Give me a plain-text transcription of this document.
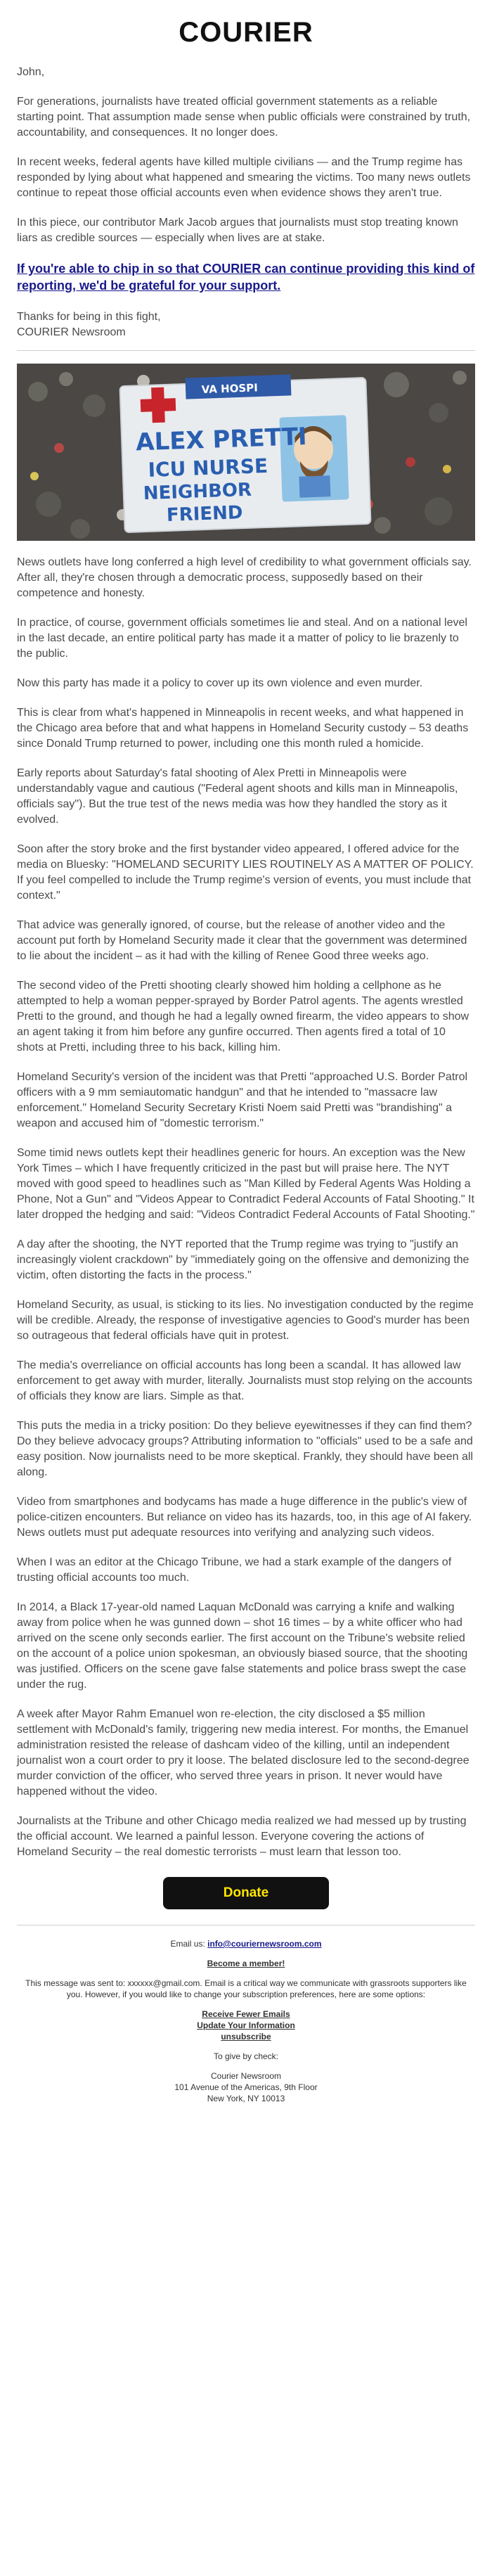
COURIER

John,

For generations, journalists have treated official government statements as a reliable starting point. That assumption made sense when public officials were constrained by truth, accountability, and consequences. It no longer does.

In recent weeks, federal agents have killed multiple civilians — and the Trump regime has responded by lying about what happened and smearing the victims. Too many news outlets continue to repeat those official accounts even when evidence shows they aren't true.

In this piece, our contributor Mark Jacob argues that journalists must stop treating known liars as credible sources — especially when lives are at stake.

If you're able to chip in so that COURIER can continue providing this kind of reporting, we'd be grateful for your support.

Thanks for being in this fight,
COURIER Newsroom

VA HOSPI
ALEX PRETTI
ICU NURSE
NEIGHBOR
FRIEND

News outlets have long conferred a high level of credibility to what government officials say. After all, they're chosen through a democratic process, supposedly based on their competence and honesty.

In practice, of course, government officials sometimes lie and steal. And on a national level in the last decade, an entire political party has made it a matter of policy to lie brazenly to the public.

Now this party has made it a policy to cover up its own violence and even murder.

This is clear from what's happened in Minneapolis in recent weeks, and what happened in the Chicago area before that and what happens in Homeland Security custody – 53 deaths since Donald Trump returned to power, including one this month ruled a homicide.

Early reports about Saturday's fatal shooting of Alex Pretti in Minneapolis were understandably vague and cautious ("Federal agent shoots and kills man in Minneapolis, officials say"). But the true test of the news media was how they handled the story as it evolved.

Soon after the story broke and the first bystander video appeared, I offered advice for the media on Bluesky: "HOMELAND SECURITY LIES ROUTINELY AS A MATTER OF POLICY. If you feel compelled to include the Trump regime's version of events, you must include that context."

That advice was generally ignored, of course, but the release of another video and the account put forth by Homeland Security made it clear that the government was determined to lie about the incident – as it had with the killing of Renee Good three weeks ago.

The second video of the Pretti shooting clearly showed him holding a cellphone as he attempted to help a woman pepper-sprayed by Border Patrol agents. The agents wrestled Pretti to the ground, and though he had a legally owned firearm, the video appears to show an agent taking it from him before any gunfire occurred. Then agents fired a total of 10 shots at Pretti, including three to his back, killing him.

Homeland Security's version of the incident was that Pretti "approached U.S. Border Patrol officers with a 9 mm semiautomatic handgun" and that he intended to "massacre law enforcement." Homeland Security Secretary Kristi Noem said Pretti was "brandishing" a weapon and accused him of "domestic terrorism."

Some timid news outlets kept their headlines generic for hours. An exception was the New York Times – which I have frequently criticized in the past but will praise here. The NYT moved with good speed to headlines such as "Man Killed by Federal Agents Was Holding a Phone, Not a Gun" and "Videos Appear to Contradict Federal Accounts of Fatal Shooting." It later dropped the hedging and said: "Videos Contradict Federal Accounts of Fatal Shooting."

A day after the shooting, the NYT reported that the Trump regime was trying to "justify an increasingly violent crackdown" by "immediately going on the offensive and demonizing the victim, often distorting the facts in the process."

Homeland Security, as usual, is sticking to its lies. No investigation conducted by the regime will be credible. Already, the response of investigative agencies to Good's murder has been so outrageous that federal officials have quit in protest.

The media's overreliance on official accounts has long been a scandal. It has allowed law enforcement to get away with murder, literally. Journalists must stop relying on the accounts of officials they know are liars. Simple as that.

This puts the media in a tricky position: Do they believe eyewitnesses if they can find them? Do they believe advocacy groups? Attributing information to "officials" used to be a safe and easy position. Now journalists need to be more skeptical. Frankly, they should have been all along.

Video from smartphones and bodycams has made a huge difference in the public's view of police-citizen encounters. But reliance on video has its hazards, too, in this age of AI fakery. News outlets must put adequate resources into verifying and analyzing such videos.

When I was an editor at the Chicago Tribune, we had a stark example of the dangers of trusting official accounts too much.

In 2014, a Black 17-year-old named Laquan McDonald was carrying a knife and walking away from police when he was gunned down – shot 16 times – by a white officer who had arrived on the scene only seconds earlier. The first account on the Tribune's website relied on the account of a police union spokesman, an obviously biased source, that the shooting was justified. Officers on the scene gave false statements and police brass swept the case under the rug.

A week after Mayor Rahm Emanuel won re-election, the city disclosed a $5 million settlement with McDonald's family, triggering new media interest. For months, the Emanuel administration resisted the release of dashcam video of the killing, until an independent journalist won a court order to pry it loose. The belated disclosure led to the second-degree murder conviction of the officer, who served three years in prison. It never would have happened without the video.

Journalists at the Tribune and other Chicago media realized we had messed up by trusting the official account. We learned a painful lesson. Everyone covering the actions of Homeland Security – the real domestic terrorists – must learn that lesson too.

Donate

Email us: info@couriernewsroom.com

Become a member!

This message was sent to: xxxxxx@gmail.com. Email is a critical way we communicate with grassroots supporters like you. However, if you would like to change your subscription preferences, here are some options:

Receive Fewer Emails
Update Your Information
unsubscribe

To give by check:

Courier Newsroom
101 Avenue of the Americas, 9th Floor
New York, NY 10013
